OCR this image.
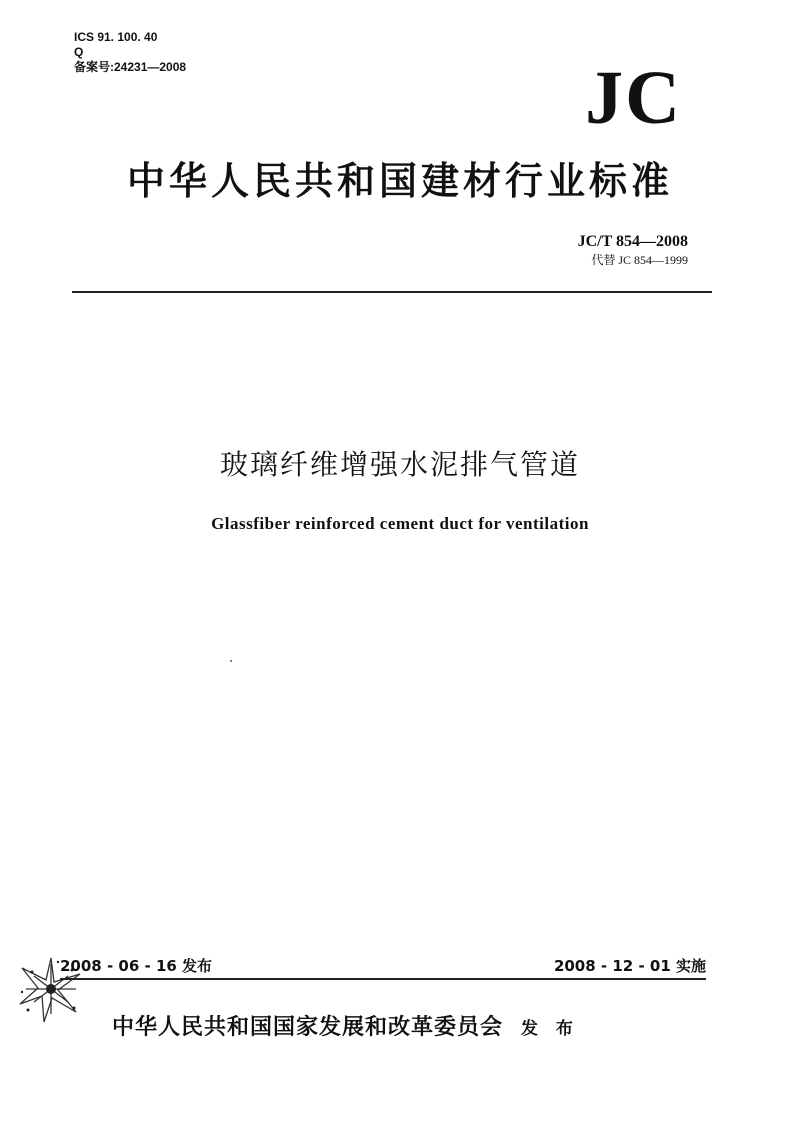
ICS 91. 100. 40
Q
备案号:24231—2008	JC
中华人民共和国建材行业标准
JC/T 854—2008
代替 JC 854—1999
玻璃纤维增强水泥排气管道
Glassfiber reinforced cement duct for ventilation
2008 - 06 - 16 发布	2008 - 12 - 01 实施
中华人民共和国国家发展和改革委员会 发 布
